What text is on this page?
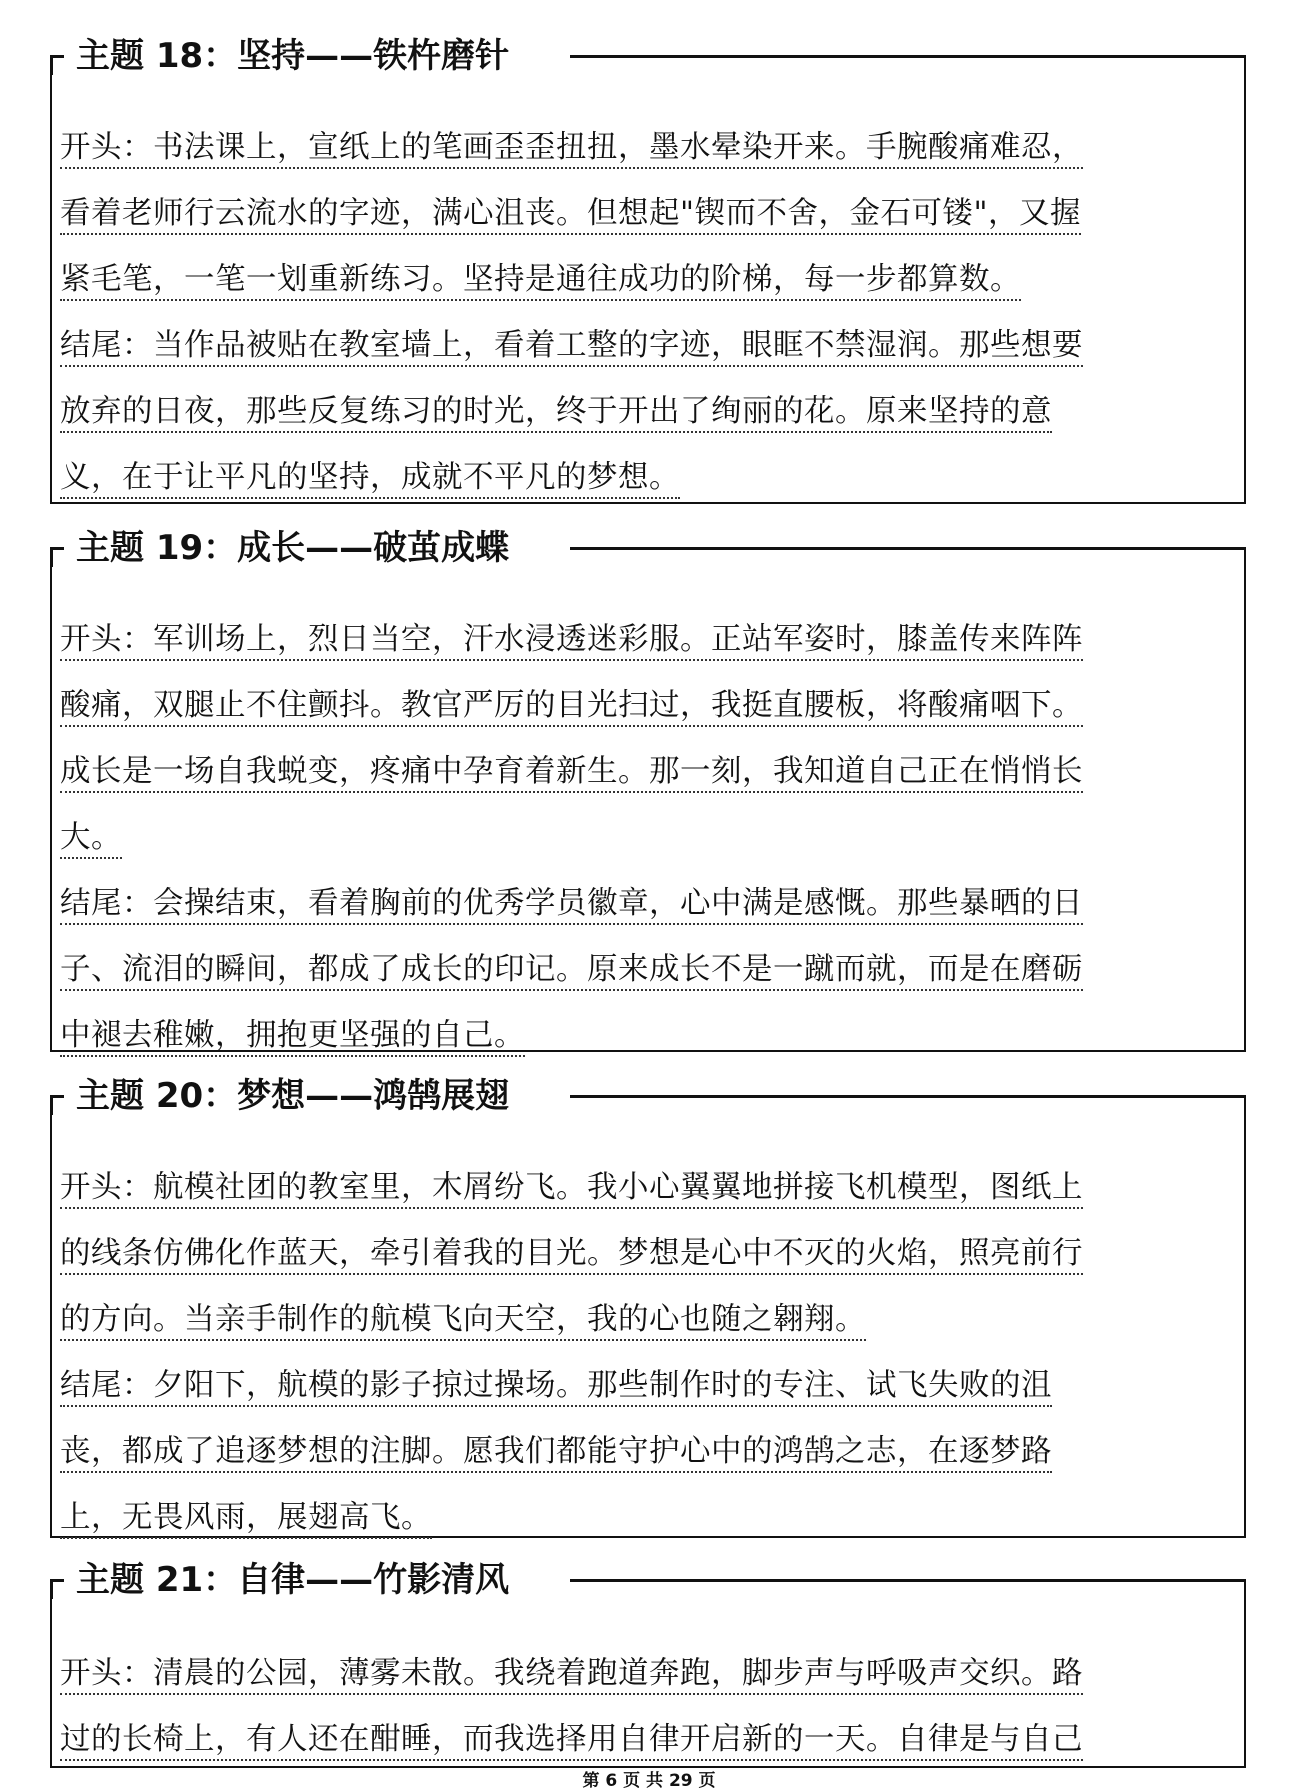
开头：书法课上，宣纸上的笔画歪歪扭扭，墨水晕染开来。手腕酸痛难忍，
看着老师行云流水的字迹，满心沮丧。但想起"锲而不舍，金石可镂"，又握
紧毛笔，一笔一划重新练习。坚持是通往成功的阶梯，每一步都算数。
结尾：当作品被贴在教室墙上，看着工整的字迹，眼眶不禁湿润。那些想要
放弃的日夜，那些反复练习的时光，终于开出了绚丽的花。原来坚持的意
义，在于让平凡的坚持，成就不平凡的梦想。
主题 18：坚持——铁杵磨针
开头：军训场上，烈日当空，汗水浸透迷彩服。正站军姿时，膝盖传来阵阵
酸痛，双腿止不住颤抖。教官严厉的目光扫过，我挺直腰板，将酸痛咽下。
成长是一场自我蜕变，疼痛中孕育着新生。那一刻，我知道自己正在悄悄长
大。
结尾：会操结束，看着胸前的优秀学员徽章，心中满是感慨。那些暴晒的日
子、流泪的瞬间，都成了成长的印记。原来成长不是一蹴而就，而是在磨砺
中褪去稚嫩，拥抱更坚强的自己。
主题 19：成长——破茧成蝶
开头：航模社团的教室里，木屑纷飞。我小心翼翼地拼接飞机模型，图纸上
的线条仿佛化作蓝天，牵引着我的目光。梦想是心中不灭的火焰，照亮前行
的方向。当亲手制作的航模飞向天空，我的心也随之翱翔。
结尾：夕阳下，航模的影子掠过操场。那些制作时的专注、试飞失败的沮
丧，都成了追逐梦想的注脚。愿我们都能守护心中的鸿鹄之志，在逐梦路
上，无畏风雨，展翅高飞。
主题 20：梦想——鸿鹄展翅
开头：清晨的公园，薄雾未散。我绕着跑道奔跑，脚步声与呼吸声交织。路
过的长椅上，有人还在酣睡，而我选择用自律开启新的一天。自律是与自己
主题 21：自律——竹影清风
第 6 页 共 29 页
